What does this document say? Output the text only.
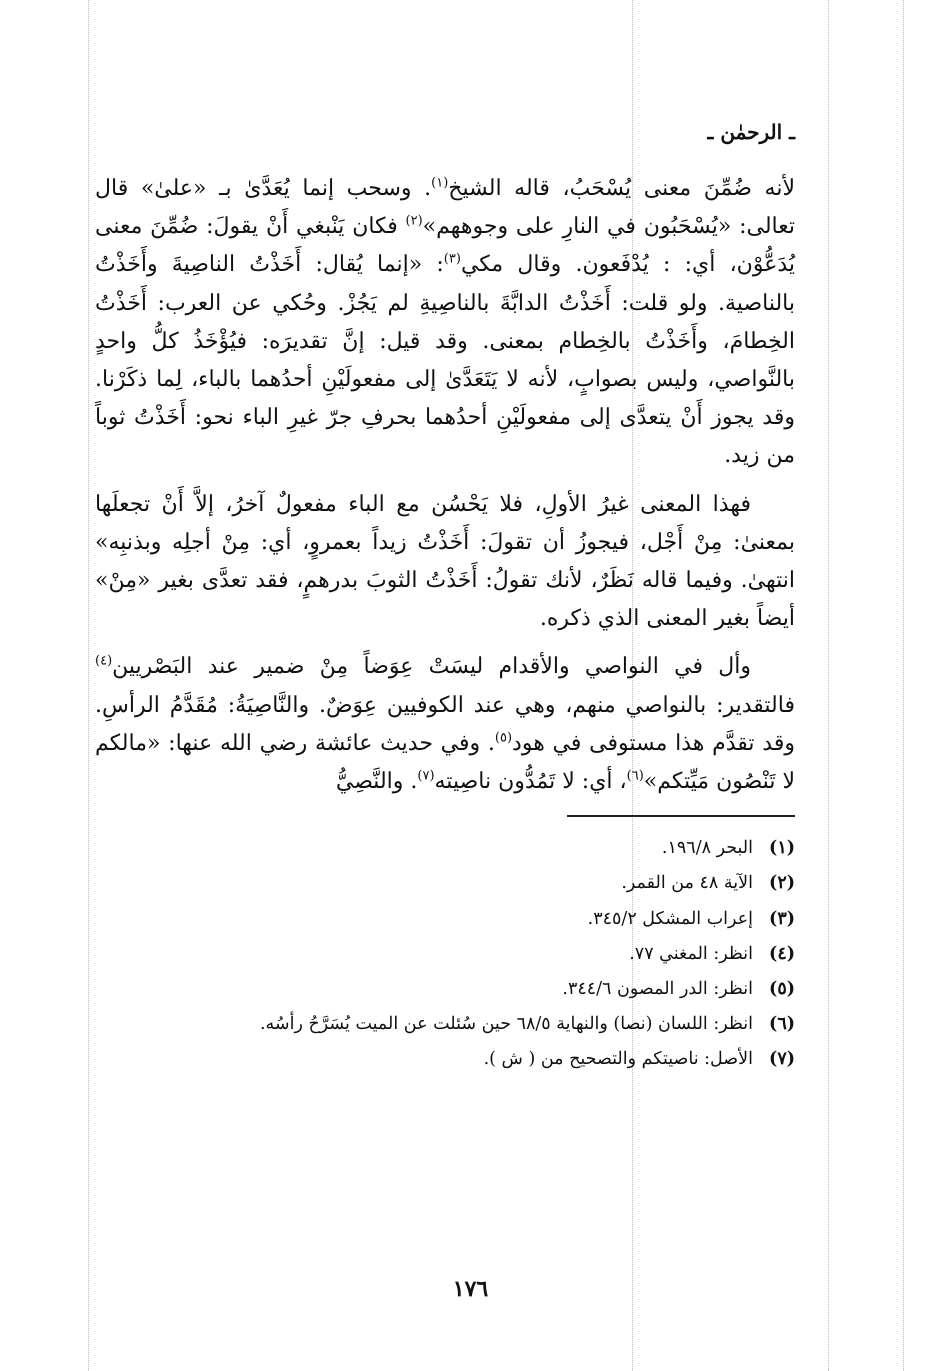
ـ الرحمٰن ـ

لأنه ضُمِّنَ معنى يُسْحَبُ، قاله الشيخ$^{(١)}$. وسحب إنما يُعَدَّىٰ بـ «علىٰ» قال تعالى: «يُسْحَبُون في النارِ على وجوههم»$^{(٢)}$ فكان يَنْبغي أَنْ يقولَ: ضُمِّنَ معنى يُدَعُّوْن، أي: : يُدْفَعون. وقال مكي$^{(٣)}$: «إنما يُقال: أَخَذْتُ الناصِيةَ وأَخَذْتُ بالناصية. ولو قلت: أَخَذْتُ الدابَّةَ بالناصِيةِ لم يَجُزْ. وحُكي عن العرب: أَخَذْتُ الخِطامَ، وأَخَذْتُ بالخِطام بمعنى. وقد قيل: إنَّ تقديرَه: فيُؤْخَذُ كلُّ واحدٍ بالنَّواصي، وليس بصوابٍ، لأنه لا يَتَعَدَّىٰ إلى مفعولَيْنِ أحدُهما بالباء، لِما ذكَرْنا. وقد يجوز أَنْ يتعدَّى إلى مفعولَيْنِ أحدُهما بحرفِ جرّ غيرِ الباء نحو: أَخَذْتُ ثوباً من زيد.

فهذا المعنى غيرُ الأولِ، فلا يَحْسُن مع الباء مفعولٌ آخرُ، إلاَّ أَنْ تجعلَها بمعنىٰ: مِنْ أَجْل، فيجوزُ أن تقولَ: أَخَذْتُ زيداً بعمروٍ، أي: مِنْ أجلِه وبذنبِه» انتهىٰ. وفيما قاله نَظَرٌ، لأنك تقولُ: أَخَذْتُ الثوبَ بدرهمٍ، فقد تعدَّى بغير «مِنْ» أيضاً بغير المعنى الذي ذكره.

وأل في النواصي والأقدام ليسَتْ عِوَضاً مِنْ ضمير عند البَصْريين$^{(٤)}$ فالتقدير: بالنواصي منهم، وهي عند الكوفيين عِوَضٌ. والنَّاصِيَةُ: مُقَدَّمُ الرأسِ. وقد تقدَّم هذا مستوفى في هود$^{(٥)}$. وفي حديث عائشة رضي الله عنها: «مالكم لا تَنْصُون مَيِّتكم»$^{(٦)}$، أي: لا تَمُدُّون ناصِيته$^{(٧)}$. والنَّصِيُّ

(١)البحر ١٩٦/٨.
(٢)الآية ٤٨ من القمر.
(٣)إعراب المشكل ٣٤٥/٢.
(٤)انظر: المغني ٧٧.
(٥)انظر: الدر المصون ٣٤٤/٦.
(٦)انظر: اللسان (نصا) والنهاية ٦٨/٥ حين سُئلت عن الميت يُسَرَّحُ رأسُه.
(٧)الأصل: ناصيتكم والتصحيح من ( ش ).
١٧٦
